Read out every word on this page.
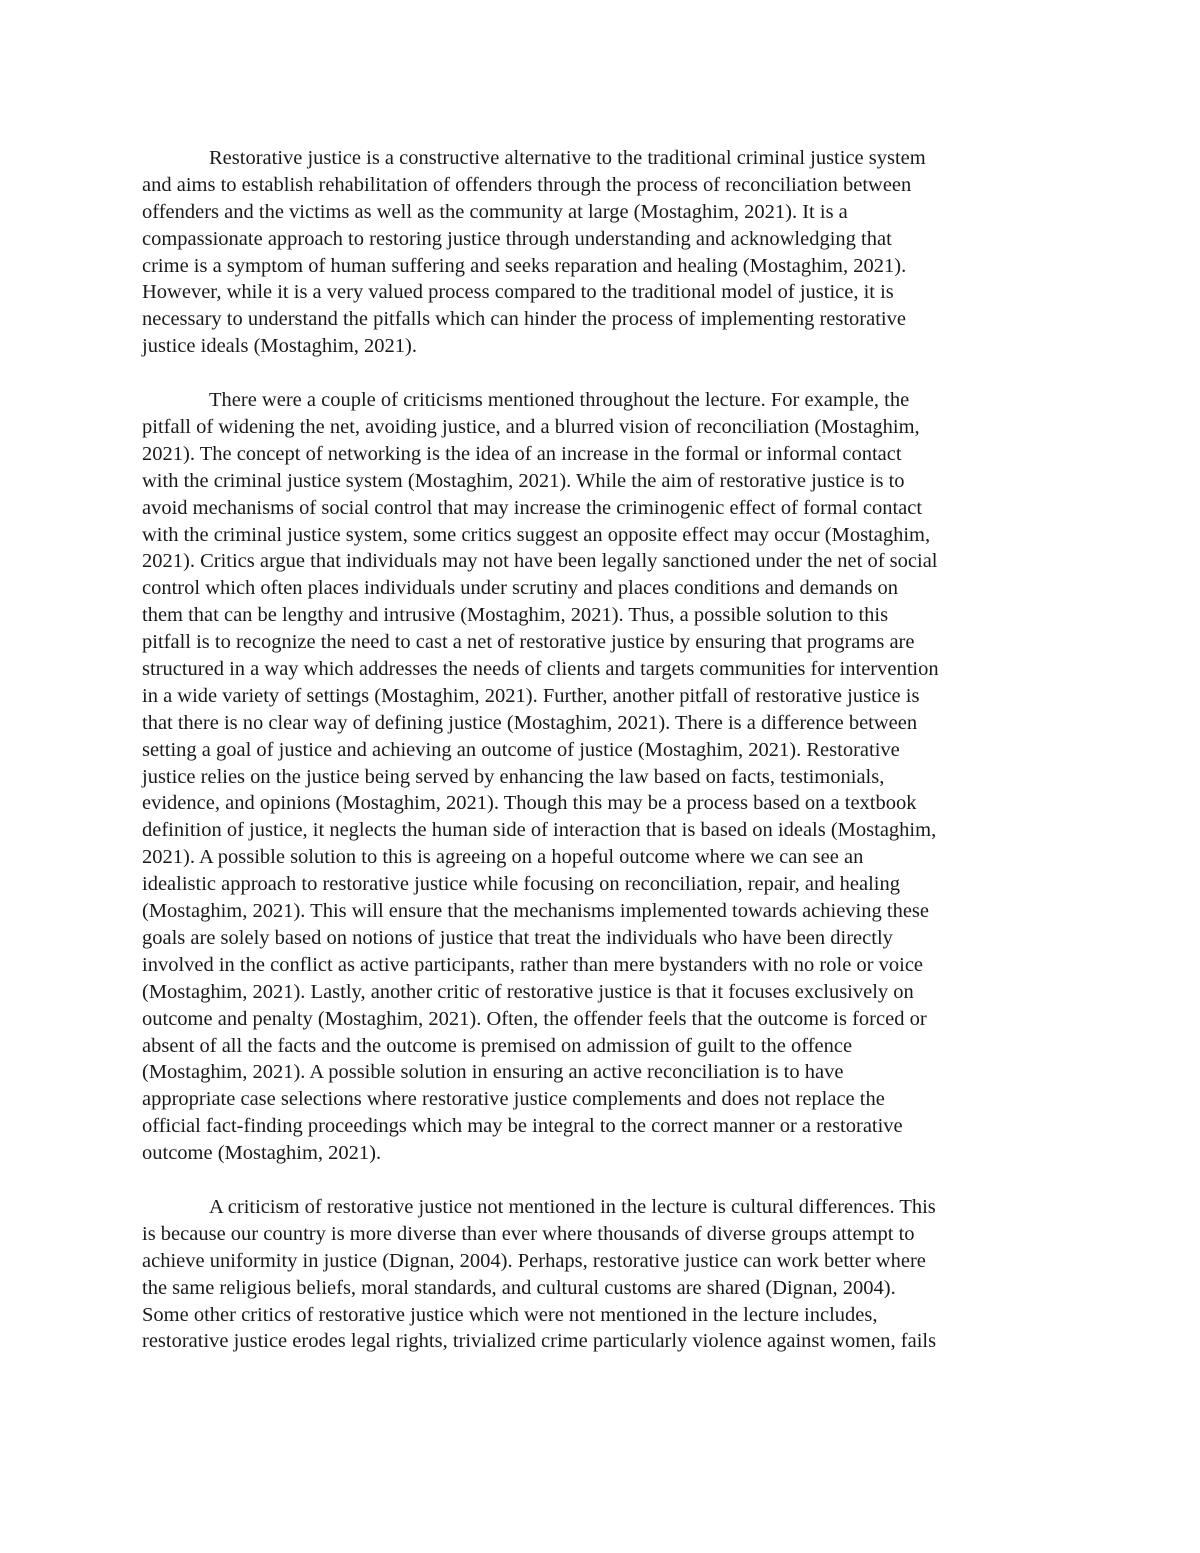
Restorative justice is a constructive alternative to the traditional criminal justice system

and aims to establish rehabilitation of offenders through the process of reconciliation between

offenders and the victims as well as the community at large (Mostaghim, 2021). It is a

compassionate approach to restoring justice through understanding and acknowledging that

crime is a symptom of human suffering and seeks reparation and healing (Mostaghim, 2021).

However, while it is a very valued process compared to the traditional model of justice, it is

necessary to understand the pitfalls which can hinder the process of implementing restorative

justice ideals (Mostaghim, 2021).

There were a couple of criticisms mentioned throughout the lecture. For example, the

pitfall of widening the net, avoiding justice, and a blurred vision of reconciliation (Mostaghim,

2021). The concept of networking is the idea of an increase in the formal or informal contact

with the criminal justice system (Mostaghim, 2021). While the aim of restorative justice is to

avoid mechanisms of social control that may increase the criminogenic effect of formal contact

with the criminal justice system, some critics suggest an opposite effect may occur (Mostaghim,

2021). Critics argue that individuals may not have been legally sanctioned under the net of social

control which often places individuals under scrutiny and places conditions and demands on

them that can be lengthy and intrusive (Mostaghim, 2021). Thus, a possible solution to this

pitfall is to recognize the need to cast a net of restorative justice by ensuring that programs are

structured in a way which addresses the needs of clients and targets communities for intervention

in a wide variety of settings (Mostaghim, 2021). Further, another pitfall of restorative justice is

that there is no clear way of defining justice (Mostaghim, 2021). There is a difference between

setting a goal of justice and achieving an outcome of justice (Mostaghim, 2021). Restorative

justice relies on the justice being served by enhancing the law based on facts, testimonials,

evidence, and opinions (Mostaghim, 2021). Though this may be a process based on a textbook

definition of justice, it neglects the human side of interaction that is based on ideals (Mostaghim,

2021). A possible solution to this is agreeing on a hopeful outcome where we can see an

idealistic approach to restorative justice while focusing on reconciliation, repair, and healing

(Mostaghim, 2021). This will ensure that the mechanisms implemented towards achieving these

goals are solely based on notions of justice that treat the individuals who have been directly

involved in the conflict as active participants, rather than mere bystanders with no role or voice

(Mostaghim, 2021). Lastly, another critic of restorative justice is that it focuses exclusively on

outcome and penalty (Mostaghim, 2021). Often, the offender feels that the outcome is forced or

absent of all the facts and the outcome is premised on admission of guilt to the offence

(Mostaghim, 2021). A possible solution in ensuring an active reconciliation is to have

appropriate case selections where restorative justice complements and does not replace the

official fact-finding proceedings which may be integral to the correct manner or a restorative

outcome (Mostaghim, 2021).

A criticism of restorative justice not mentioned in the lecture is cultural differences. This

is because our country is more diverse than ever where thousands of diverse groups attempt to

achieve uniformity in justice (Dignan, 2004). Perhaps, restorative justice can work better where

the same religious beliefs, moral standards, and cultural customs are shared (Dignan, 2004).

Some other critics of restorative justice which were not mentioned in the lecture includes,

restorative justice erodes legal rights, trivialized crime particularly violence against women, fails
